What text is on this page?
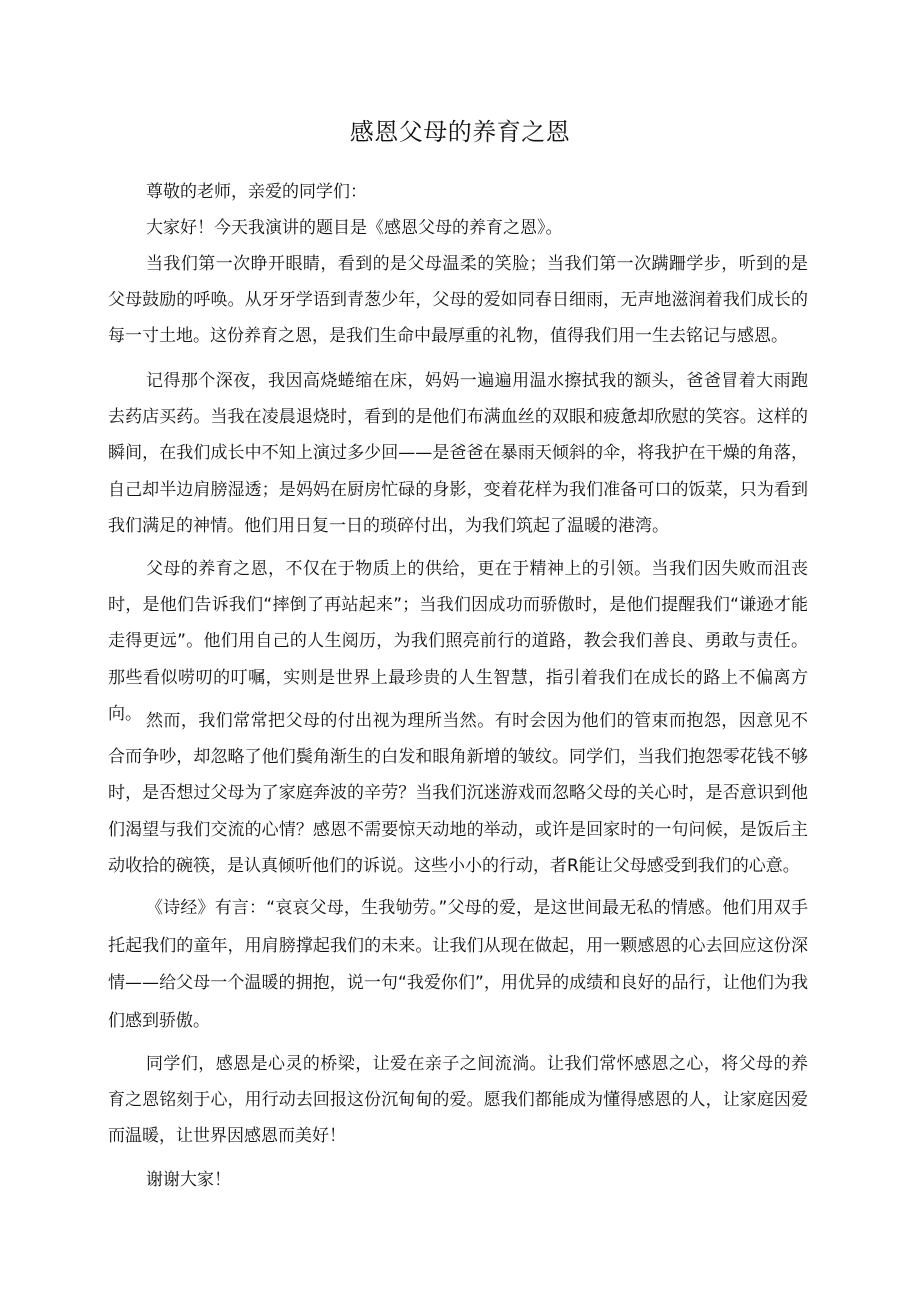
感恩父母的养育之恩

尊敬的老师，亲爱的同学们：

大家好！今天我演讲的题目是《感恩父母的养育之恩》。

当我们第一次睁开眼睛，看到的是父母温柔的笑脸；当我们第一次蹒跚学步，听到的是父母鼓励的呼唤。从牙牙学语到青葱少年，父母的爱如同春日细雨，无声地滋润着我们成长的每一寸土地。这份养育之恩，是我们生命中最厚重的礼物，值得我们用一生去铭记与感恩。

记得那个深夜，我因高烧蜷缩在床，妈妈一遍遍用温水擦拭我的额头，爸爸冒着大雨跑去药店买药。当我在凌晨退烧时，看到的是他们布满血丝的双眼和疲惫却欣慰的笑容。这样的瞬间，在我们成长中不知上演过多少回——是爸爸在暴雨天倾斜的伞，将我护在干燥的角落，自己却半边肩膀湿透；是妈妈在厨房忙碌的身影，变着花样为我们准备可口的饭菜，只为看到我们满足的神情。他们用日复一日的琐碎付出，为我们筑起了温暖的港湾。

父母的养育之恩，不仅在于物质上的供给，更在于精神上的引领。当我们因失败而沮丧时，是他们告诉我们“摔倒了再站起来”；当我们因成功而骄傲时，是他们提醒我们“谦逊才能走得更远”。他们用自己的人生阅历，为我们照亮前行的道路，教会我们善良、勇敢与责任。那些看似唠叨的叮嘱，实则是世界上最珍贵的人生智慧，指引着我们在成长的路上不偏离方向。 然而，我们常常把父母的付出视为理所当然。有时会因为他们的管束而抱怨，因意见不合而争吵，却忽略了他们鬓角渐生的白发和眼角新增的皱纹。同学们，当我们抱怨零花钱不够时，是否想过父母为了家庭奔波的辛劳？当我们沉迷游戏而忽略父母的关心时，是否意识到他们渴望与我们交流的心情？感恩不需要惊天动地的举动，或许是回家时的一句问候，是饭后主动收拾的碗筷，是认真倾听他们的诉说。这些小小的行动，者R能让父母感受到我们的心意。

《诗经》有言：“哀哀父母，生我劬劳。”父母的爱，是这世间最无私的情感。他们用双手托起我们的童年，用肩膀撑起我们的未来。让我们从现在做起，用一颗感恩的心去回应这份深情——给父母一个温暖的拥抱，说一句“我爱你们”，用优异的成绩和良好的品行，让他们为我们感到骄傲。

同学们，感恩是心灵的桥梁，让爱在亲子之间流淌。让我们常怀感恩之心，将父母的养育之恩铭刻于心，用行动去回报这份沉甸甸的爱。愿我们都能成为懂得感恩的人，让家庭因爱而温暖，让世界因感恩而美好！

谢谢大家！
